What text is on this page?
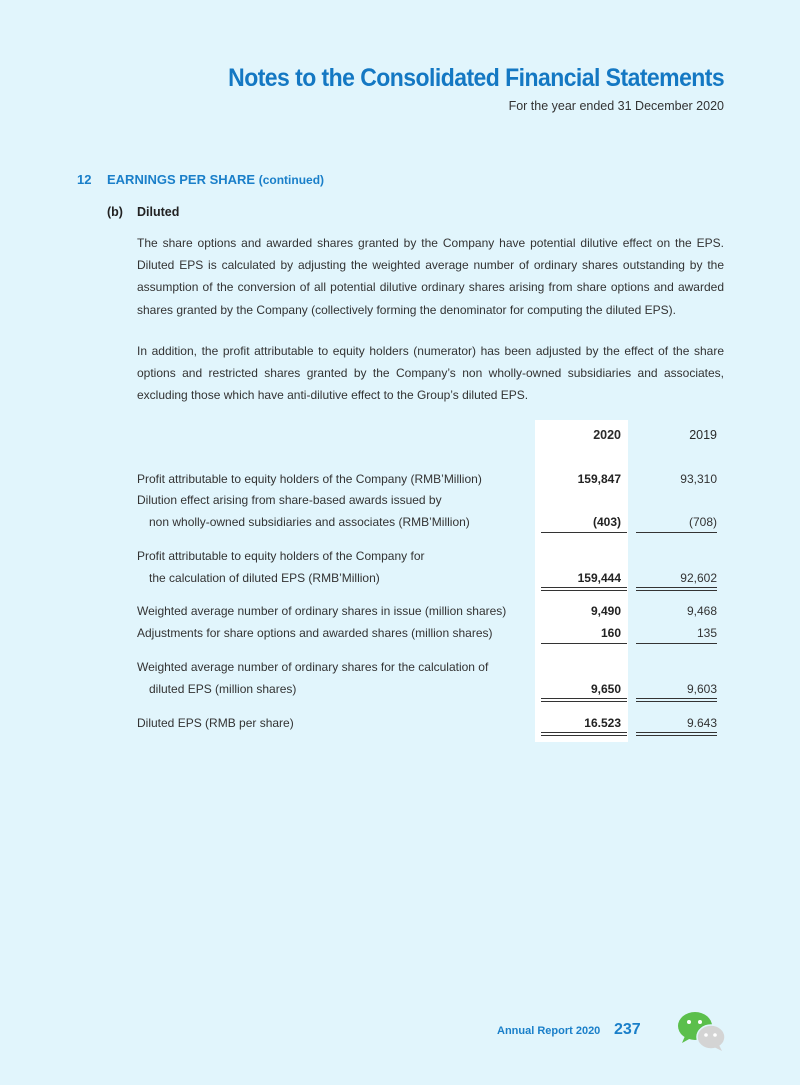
Notes to the Consolidated Financial Statements
For the year ended 31 December 2020
12 EARNINGS PER SHARE (continued)
(b) Diluted
The share options and awarded shares granted by the Company have potential dilutive effect on the EPS. Diluted EPS is calculated by adjusting the weighted average number of ordinary shares outstanding by the assumption of the conversion of all potential dilutive ordinary shares arising from share options and awarded shares granted by the Company (collectively forming the denominator for computing the diluted EPS).
In addition, the profit attributable to equity holders (numerator) has been adjusted by the effect of the share options and restricted shares granted by the Company’s non wholly-owned subsidiaries and associates, excluding those which have anti-dilutive effect to the Group’s diluted EPS.
2020	2019
Profit attributable to equity holders of the Company (RMB’Million)	159,847	93,310
Dilution effect arising from share-based awards issued by
non wholly-owned subsidiaries and associates (RMB’Million)	(403)	(708)
Profit attributable to equity holders of the Company for
the calculation of diluted EPS (RMB’Million)	159,444	92,602
Weighted average number of ordinary shares in issue (million shares)	9,490	9,468
Adjustments for share options and awarded shares (million shares)	160	135
Weighted average number of ordinary shares for the calculation of
diluted EPS (million shares)	9,650	9,603
Diluted EPS (RMB per share)	16.523	9.643
Annual Report 2020 237
